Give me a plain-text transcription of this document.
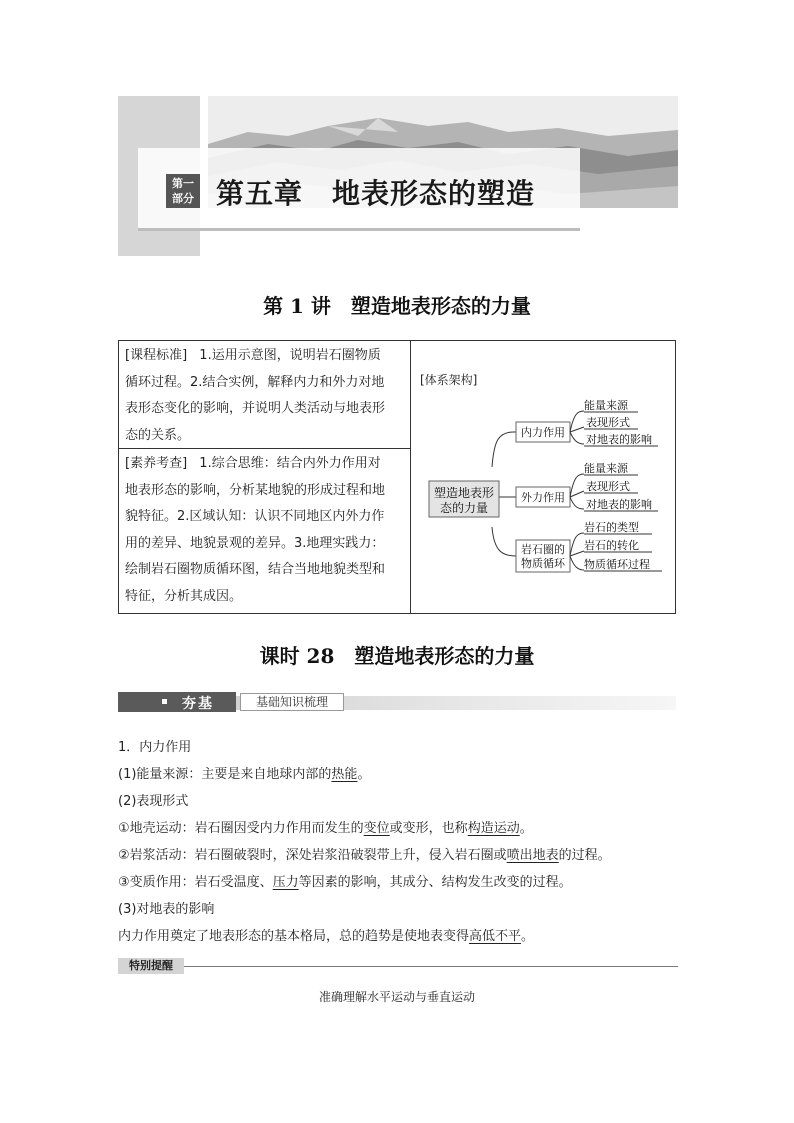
第一
部分 第五章　地表形态的塑造
第 1 讲　塑造地表形态的力量
[课程标准] 1.运用示意图，说明岩石圈物质
循环过程。2.结合实例，解释内力和外力对地
表形态变化的影响，并说明人类活动与地表形
态的关系。
[素养考查] 1.综合思维：结合内外力作用对
地表形态的影响，分析某地貌的形成过程和地
貌特征。2.区域认知：认识不同地区内外力作
用的差异、地貌景观的差异。3.地理实践力：
绘制岩石圈物质循环图，结合当地地貌类型和
特征，分析其成因。
[体系架构]
塑造地表形
态的力量
内力作用
能量来源
表现形式
对地表的影响
外力作用
能量来源
表现形式
对地表的影响
岩石圈的
物质循环
岩石的类型
岩石的转化
物质循环过程
课时 28　塑造地表形态的力量
夯基	基础知识梳理
1．内力作用
(1)能量来源：主要是来自地球内部的热能。
(2)表现形式
①地壳运动：岩石圈因受内力作用而发生的变位或变形，也称构造运动。
②岩浆活动：岩石圈破裂时，深处岩浆沿破裂带上升，侵入岩石圈或喷出地表的过程。
③变质作用：岩石受温度、压力等因素的影响，其成分、结构发生改变的过程。
(3)对地表的影响
内力作用奠定了地表形态的基本格局，总的趋势是使地表变得高低不平。
特别提醒
准确理解水平运动与垂直运动
